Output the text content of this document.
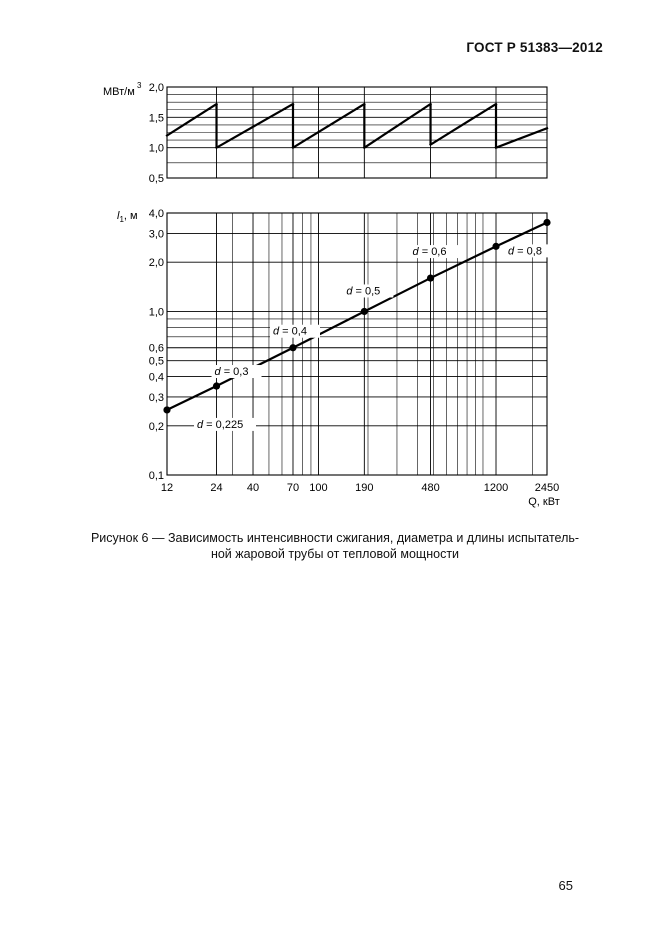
ГОСТ Р 51383—2012
2,0
1,5
1,0
0,5
МВт/м
3
4,0
3,0
2,0
1,0
0,6
0,5
0,4
0,3
0,2
0,1
12	24 40	70 100 190	480	1200 2450
$l_1$, м
Q, кВт
d = 0,225
d = 0,3
d = 0,4
d = 0,5
d = 0,6	d = 0,8
Рисунок 6 — Зависимость интенсивности сжигания, диаметра и длины испытатель-
ной жаровой трубы от тепловой мощности
65
